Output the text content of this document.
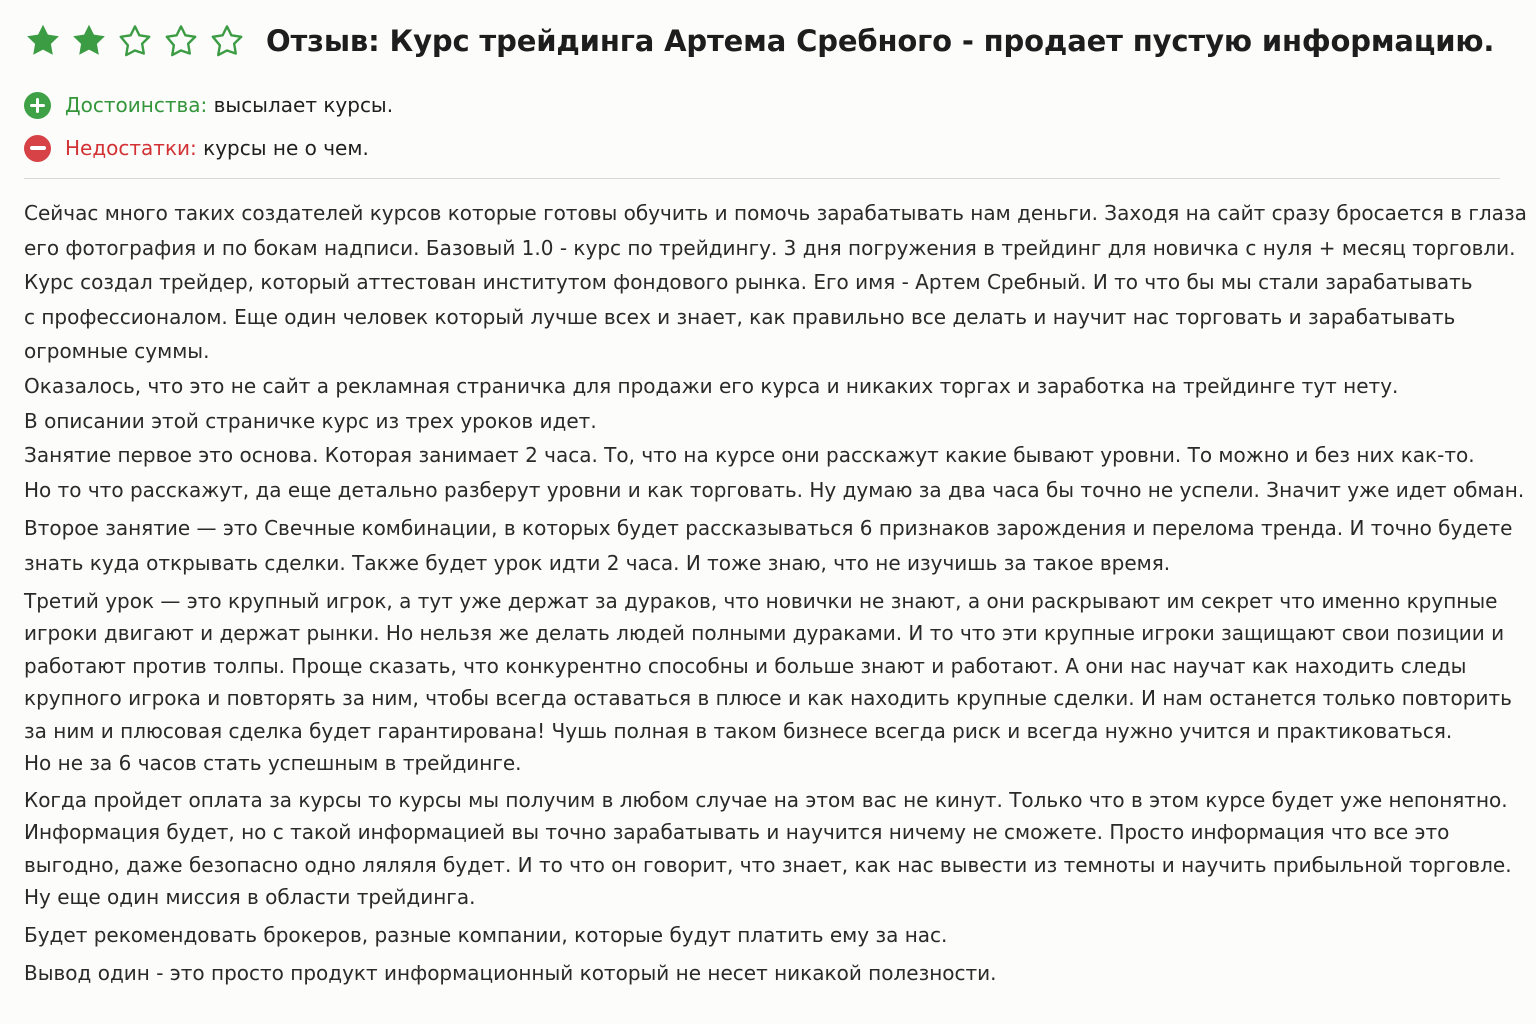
Отзыв: Курс трейдинга Артема Сребного - продает пустую информацию.
Достоинства: высылает курсы.
Недостатки: курсы не о чем.

Сейчас много таких создателей курсов которые готовы обучить и помочь зарабатывать нам деньги. Заходя на сайт сразу бросается в глаза

его фотография и по бокам надписи. Базовый 1.0 - курс по трейдингу. 3 дня погружения в трейдинг для новичка с нуля + месяц торговли.

Курс создал трейдер, который аттестован институтом фондового рынка. Его имя - Артем Сребный. И то что бы мы стали зарабатывать

с профессионалом. Еще один человек который лучше всех и знает, как правильно все делать и научит нас торговать и зарабатывать

огромные суммы.

Оказалось, что это не сайт а рекламная страничка для продажи его курса и никаких торгах и заработка на трейдинге тут нету.

В описании этой страничке курс из трех уроков идет.

Занятие первое это основа. Которая занимает 2 часа. То, что на курсе они расскажут какие бывают уровни. То можно и без них как-то.

Но то что расскажут, да еще детально разберут уровни и как торговать. Ну думаю за два часа бы точно не успели. Значит уже идет обман.

Второе занятие — это Свечные комбинации, в которых будет рассказываться 6 признаков зарождения и перелома тренда. И точно будете

знать куда открывать сделки. Также будет урок идти 2 часа. И тоже знаю, что не изучишь за такое время.

Третий урок — это крупный игрок, а тут уже держат за дураков, что новички не знают, а они раскрывают им секрет что именно крупные

игроки двигают и держат рынки. Но нельзя же делать людей полными дураками. И то что эти крупные игроки защищают свои позиции и

работают против толпы. Проще сказать, что конкурентно способны и больше знают и работают. А они нас научат как находить следы

крупного игрока и повторять за ним, чтобы всегда оставаться в плюсе и как находить крупные сделки. И нам останется только повторить

за ним и плюсовая сделка будет гарантирована! Чушь полная в таком бизнесе всегда риск и всегда нужно учится и практиковаться.

Но не за 6 часов стать успешным в трейдинге.

Когда пройдет оплата за курсы то курсы мы получим в любом случае на этом вас не кинут. Только что в этом курсе будет уже непонятно.

Информация будет, но с такой информацией вы точно зарабатывать и научится ничему не сможете. Просто информация что все это

выгодно, даже безопасно одно ляляля будет. И то что он говорит, что знает, как нас вывести из темноты и научить прибыльной торговле.

Ну еще один миссия в области трейдинга.

Будет рекомендовать брокеров, разные компании, которые будут платить ему за нас.

Вывод один - это просто продукт информационный который не несет никакой полезности.
